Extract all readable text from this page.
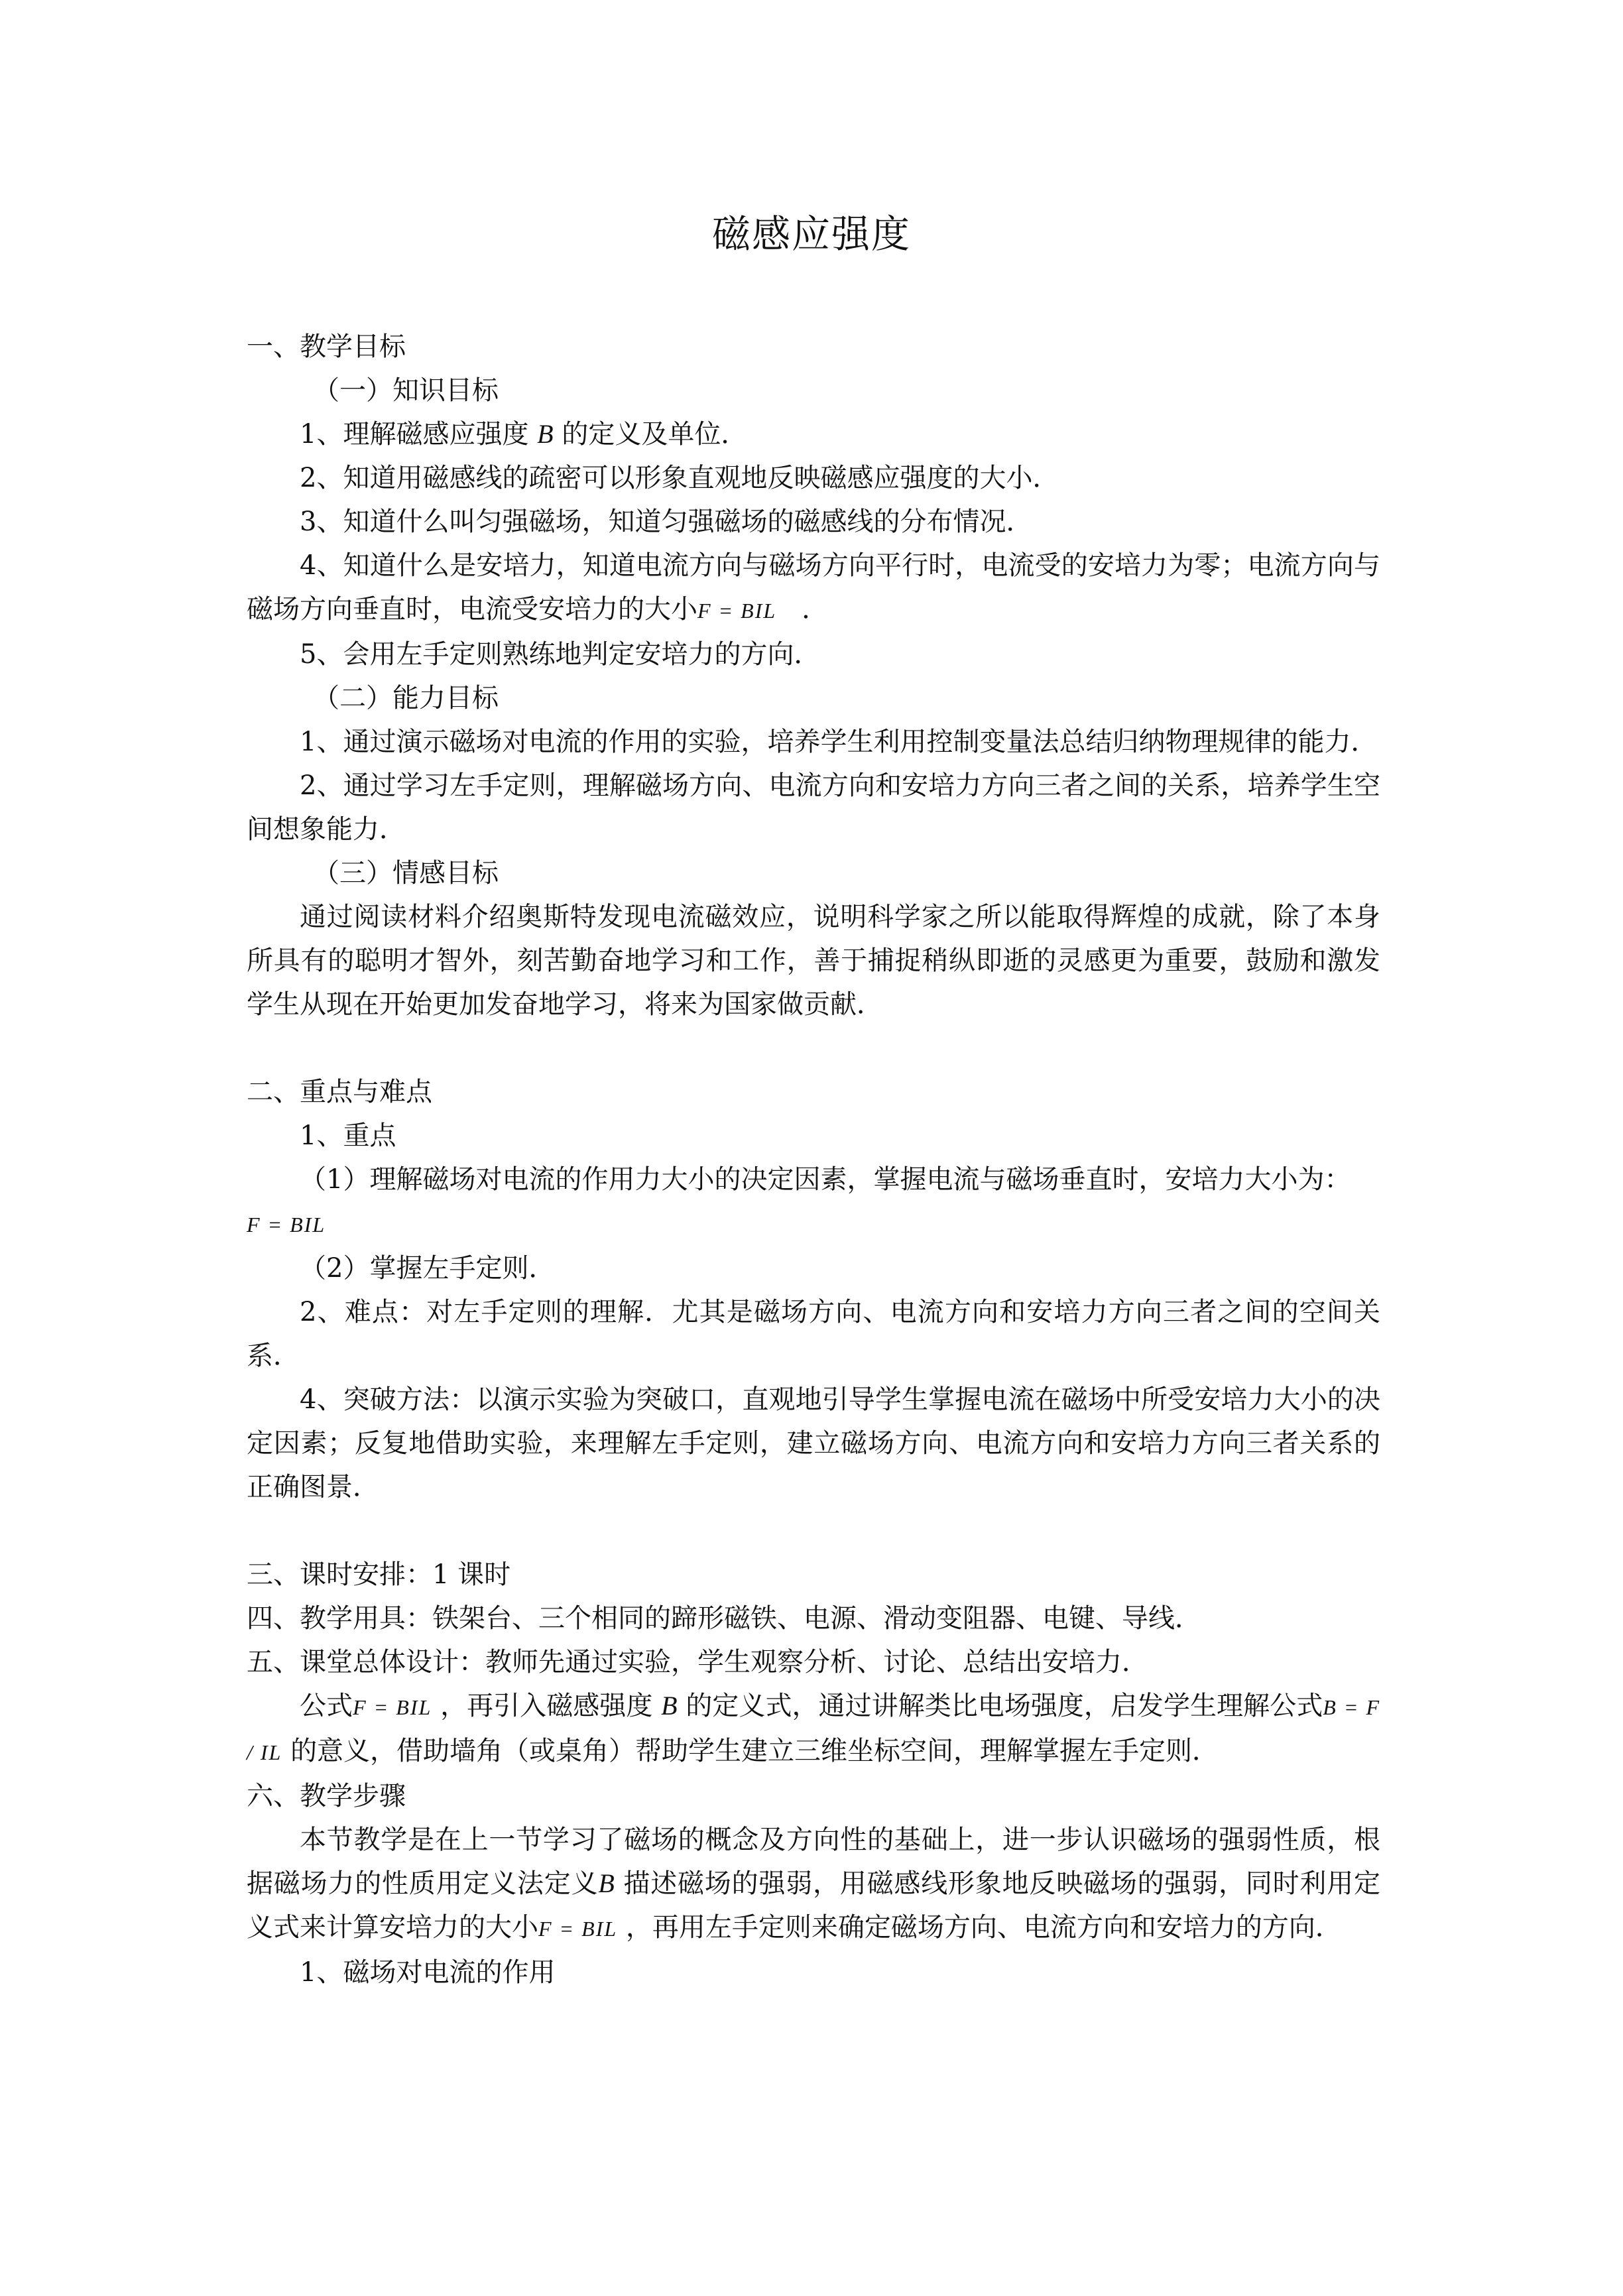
磁感应强度

一、教学目标

（一）知识目标

1、理解磁感应强度 B 的定义及单位．

2、知道用磁感线的疏密可以形象直观地反映磁感应强度的大小．

3、知道什么叫匀强磁场，知道匀强磁场的磁感线的分布情况．

4、知道什么是安培力，知道电流方向与磁场方向平行时，电流受的安培力为零；电流方向与磁场方向垂直时，电流受安培力的大小F = BIL ．

5、会用左手定则熟练地判定安培力的方向．

（二）能力目标

1、通过演示磁场对电流的作用的实验，培养学生利用控制变量法总结归纳物理规律的能力．

2、通过学习左手定则，理解磁场方向、电流方向和安培力方向三者之间的关系，培养学生空间想象能力．

（三）情感目标

通过阅读材料介绍奥斯特发现电流磁效应，说明科学家之所以能取得辉煌的成就，除了本身所具有的聪明才智外，刻苦勤奋地学习和工作，善于捕捉稍纵即逝的灵感更为重要，鼓励和激发学生从现在开始更加发奋地学习，将来为国家做贡献．

二、重点与难点

1、重点

（1）理解磁场对电流的作用力大小的决定因素，掌握电流与磁场垂直时，安培力大小为：
F = BIL

（2）掌握左手定则．

2、难点：对左手定则的理解．尤其是磁场方向、电流方向和安培力方向三者之间的空间关系．

4、突破方法：以演示实验为突破口，直观地引导学生掌握电流在磁场中所受安培力大小的决定因素；反复地借助实验，来理解左手定则，建立磁场方向、电流方向和安培力方向三者关系的正确图景．

三、课时安排：1 课时

四、教学用具：铁架台、三个相同的蹄形磁铁、电源、滑动变阻器、电键、导线．

五、课堂总体设计：教师先通过实验，学生观察分析、讨论、总结出安培力．

公式F = BIL ，再引入磁感强度 B 的定义式，通过讲解类比电场强度，启发学生理解公式B = F / IL 的意义，借助墙角（或桌角）帮助学生建立三维坐标空间，理解掌握左手定则．

六、教学步骤

本节教学是在上一节学习了磁场的概念及方向性的基础上，进一步认识磁场的强弱性质，根据磁场力的性质用定义法定义B 描述磁场的强弱，用磁感线形象地反映磁场的强弱，同时利用定义式来计算安培力的大小F = BIL ，再用左手定则来确定磁场方向、电流方向和安培力的方向．

1、磁场对电流的作用
